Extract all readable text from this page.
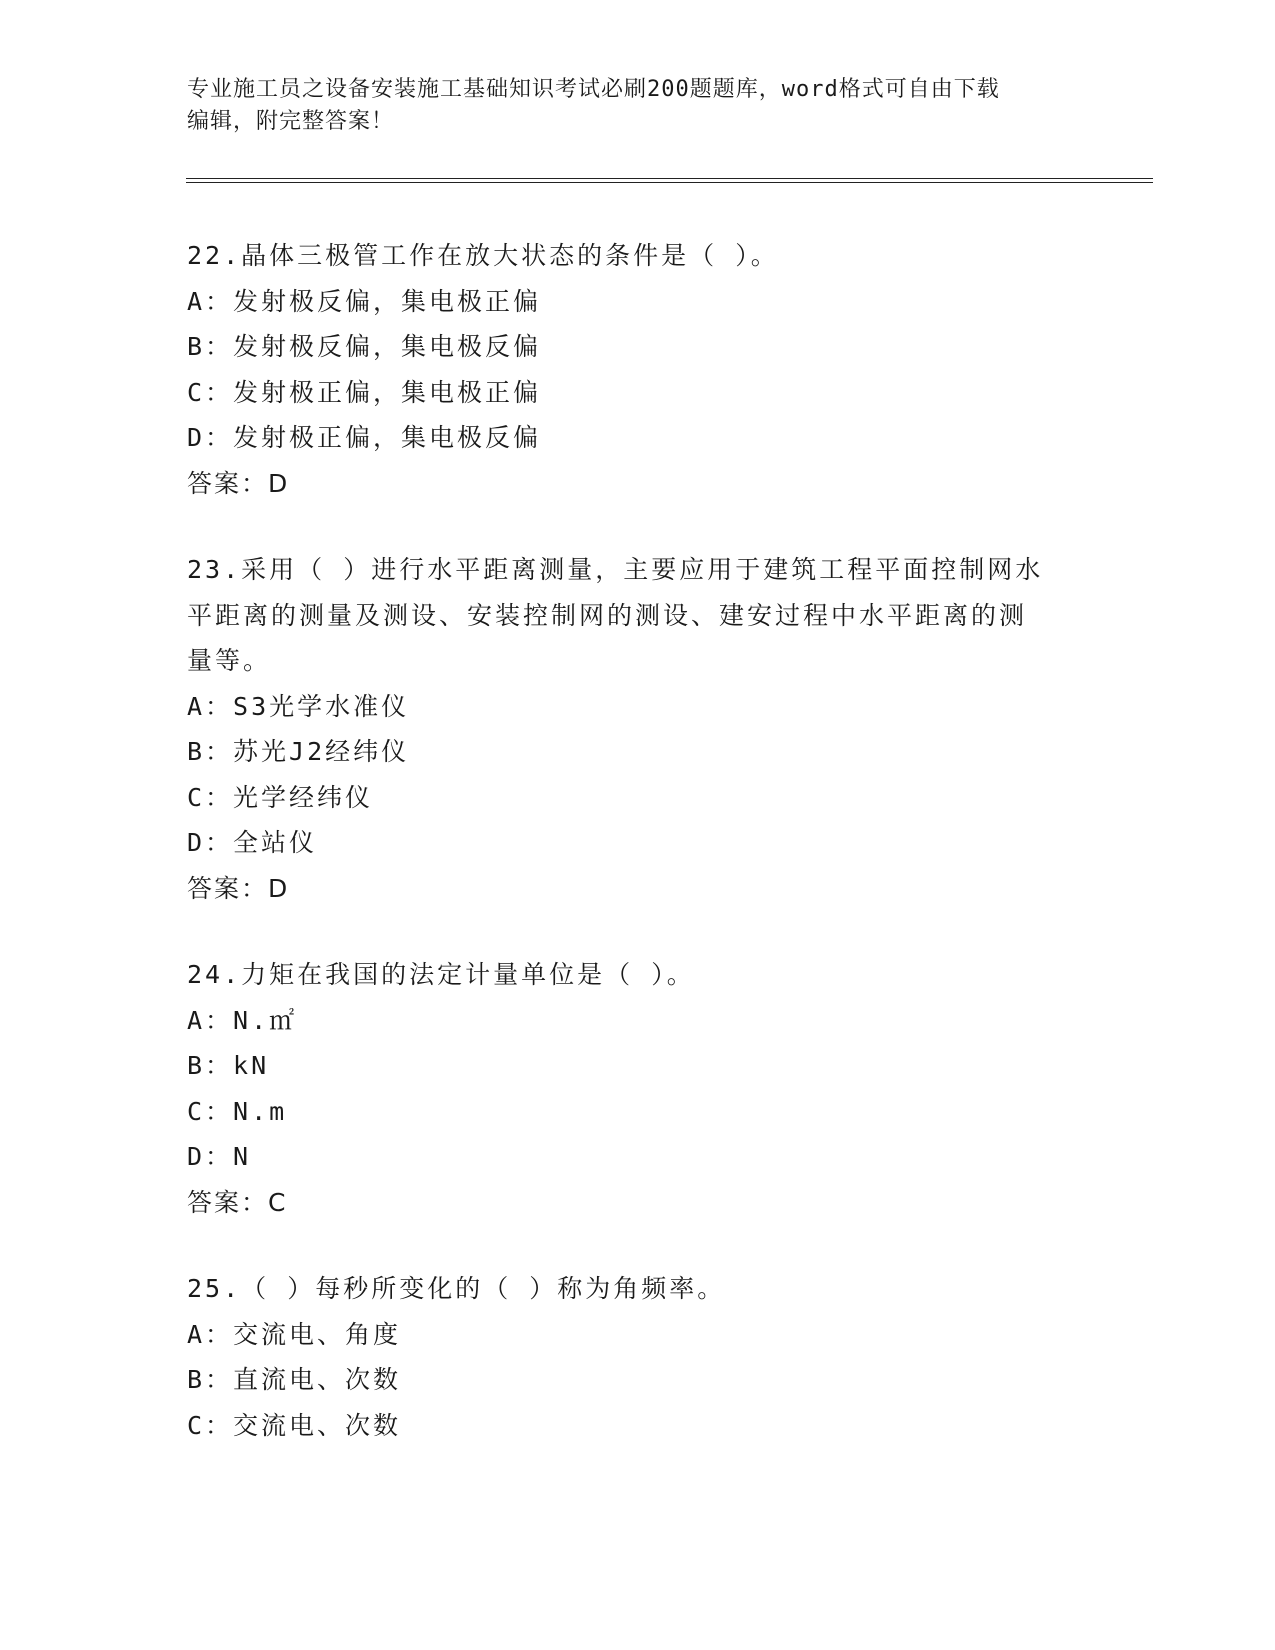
专业施工员之设备安装施工基础知识考试必刷200题题库，word格式可自由下载
编辑，附完整答案！
22.晶体三极管工作在放大状态的条件是（ ）。
A：发射极反偏，集电极正偏
B：发射极反偏，集电极反偏
C：发射极正偏，集电极正偏
D：发射极正偏，集电极反偏
答案：D
23.采用（ ）进行水平距离测量，主要应用于建筑工程平面控制网水
平距离的测量及测设、安装控制网的测设、建安过程中水平距离的测
量等。
A：S3光学水准仪
B：苏光J2经纬仪
C：光学经纬仪
D：全站仪
答案：D
24.力矩在我国的法定计量单位是（ ）。
A：N.㎡
B：kN
C：N.m
D：N
答案：C
25.（ ）每秒所变化的（ ）称为角频率。
A：交流电、角度
B：直流电、次数
C：交流电、次数
